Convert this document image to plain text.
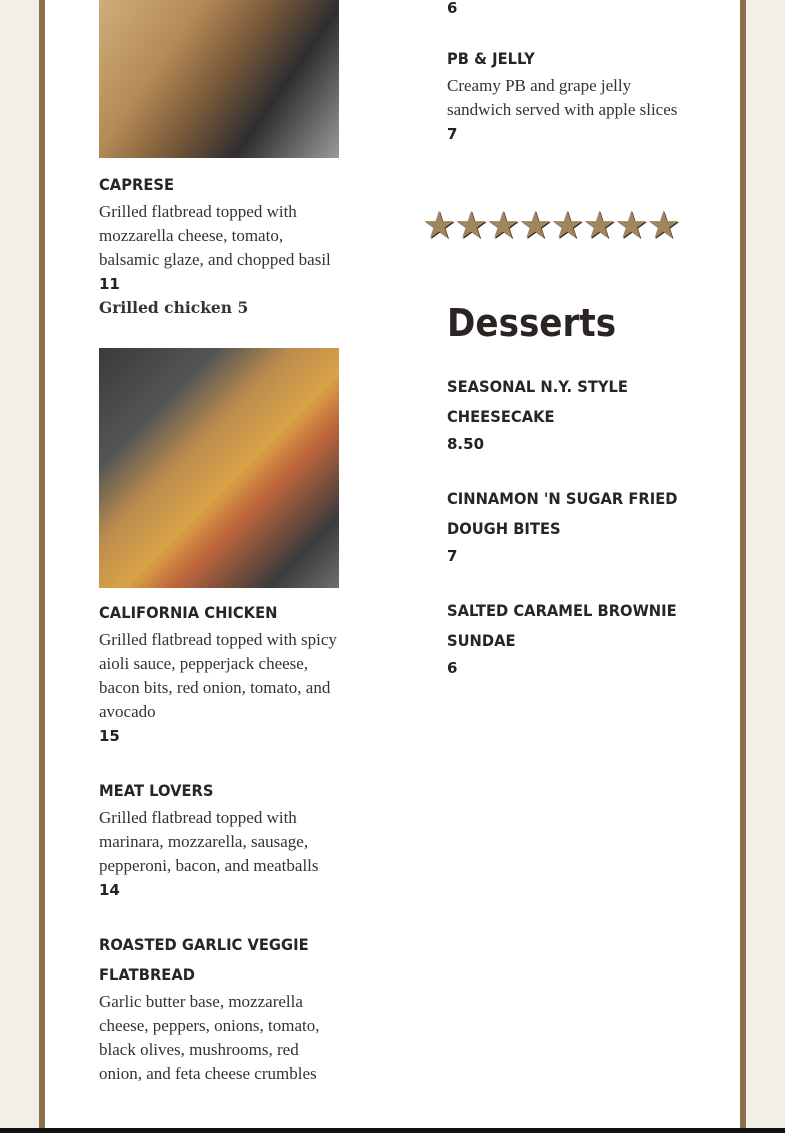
CAPRESE
Grilled flatbread topped with mozzarella cheese, tomato, balsamic glaze, and chopped basil
11
Grilled chicken 5
CALIFORNIA CHICKEN
Grilled flatbread topped with spicy aioli sauce, pepperjack cheese, bacon bits, red onion, tomato, and avocado
15
MEAT LOVERS
Grilled flatbread topped with marinara, mozzarella, sausage, pepperoni, bacon, and meatballs
14
ROASTED GARLIC VEGGIE FLATBREAD
Garlic butter base, mozzarella cheese, peppers, onions, tomato, black olives, mushrooms, red onion, and feta cheese crumbles
6
PB & JELLY
Creamy PB and grape jelly sandwich served with apple slices
7
★★★★★★★★
Desserts
SEASONAL N.Y. STYLE CHEESECAKE
8.50
CINNAMON 'N SUGAR FRIED DOUGH BITES
7
SALTED CARAMEL BROWNIE SUNDAE
6
